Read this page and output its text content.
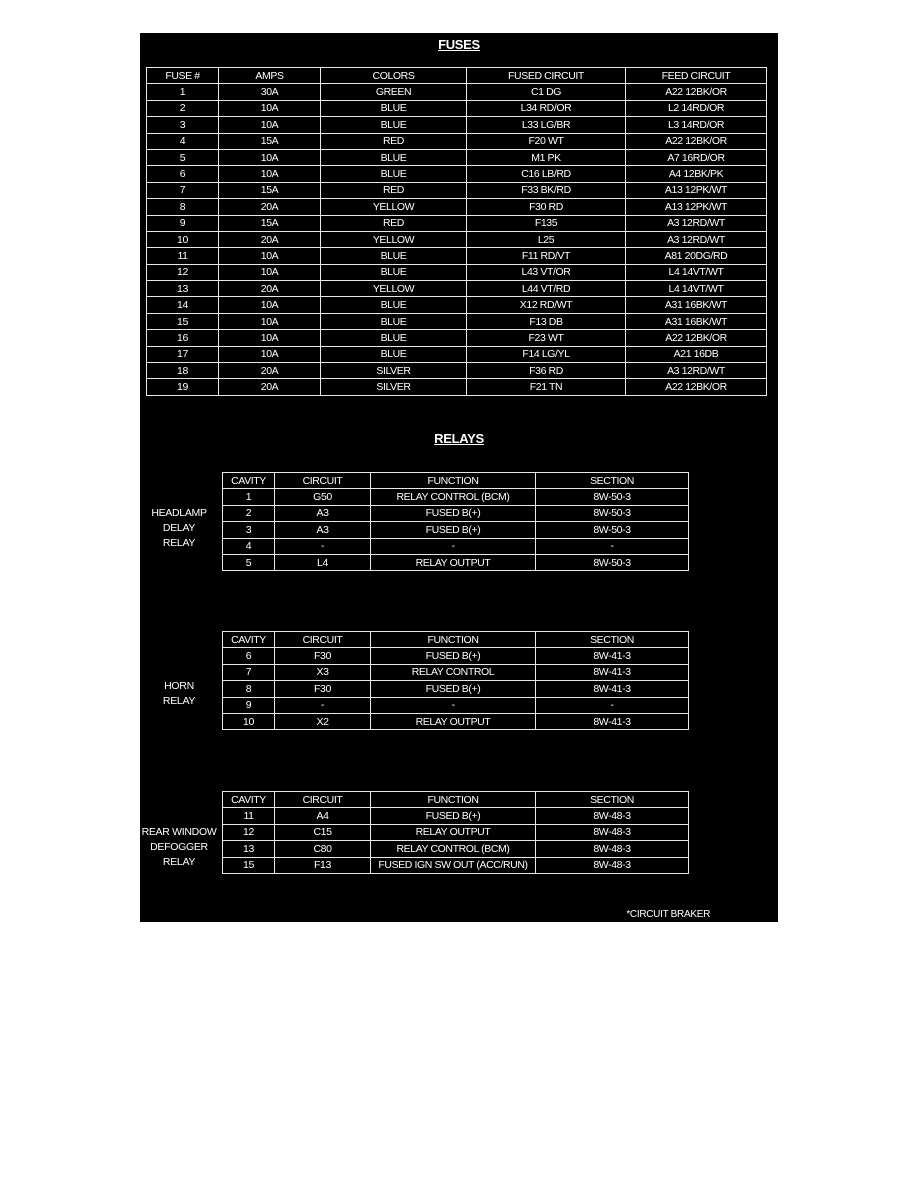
FUSES
FUSE #	AMPS	COLORS	FUSED CIRCUIT	FEED CIRCUIT
1	30A	GREEN	C1 DG	A22 12BK/OR
2	10A	BLUE	L34 RD/OR	L2 14RD/OR
3	10A	BLUE	L33 LG/BR	L3 14RD/OR
4	15A	RED	F20 WT	A22 12BK/OR
5	10A	BLUE	M1 PK	A7 16RD/OR
6	10A	BLUE	C16 LB/RD	A4 12BK/PK
7	15A	RED	F33 BK/RD	A13 12PK/WT
8	20A	YELLOW	F30 RD	A13 12PK/WT
9	15A	RED	F135	A3 12RD/WT
10	20A	YELLOW	L25	A3 12RD/WT
11	10A	BLUE	F11 RD/VT	A81 20DG/RD
12	10A	BLUE	L43 VT/OR	L4 14VT/WT
13	20A	YELLOW	L44 VT/RD	L4 14VT/WT
14	10A	BLUE	X12 RD/WT	A31 16BK/WT
15	10A	BLUE	F13 DB	A31 16BK/WT
16	10A	BLUE	F23 WT	A22 12BK/OR
17	10A	BLUE	F14 LG/YL	A21 16DB
18	20A	SILVER	F36 RD	A3 12RD/WT
19	20A	SILVER	F21 TN	A22 12BK/OR
RELAYS
HEADLAMP
DELAY
RELAY
CAVITY	CIRCUIT	FUNCTION	SECTION
1	G50	RELAY CONTROL (BCM)	8W-50-3
2	A3	FUSED B(+)	8W-50-3
3	A3	FUSED B(+)	8W-50-3
4	-	-	-
5	L4	RELAY OUTPUT	8W-50-3
HORN
RELAY
CAVITY	CIRCUIT	FUNCTION	SECTION
6	F30	FUSED B(+)	8W-41-3
7	X3	RELAY CONTROL	8W-41-3
8	F30	FUSED B(+)	8W-41-3
9	-	-	-
10	X2	RELAY OUTPUT	8W-41-3
REAR WINDOW
DEFOGGER
RELAY
CAVITY	CIRCUIT	FUNCTION	SECTION
11	A4	FUSED B(+)	8W-48-3
12	C15	RELAY OUTPUT	8W-48-3
13	C80	RELAY CONTROL (BCM)	8W-48-3
15	F13	FUSED IGN SW OUT (ACC/RUN)	8W-48-3
*CIRCUIT BRAKER
